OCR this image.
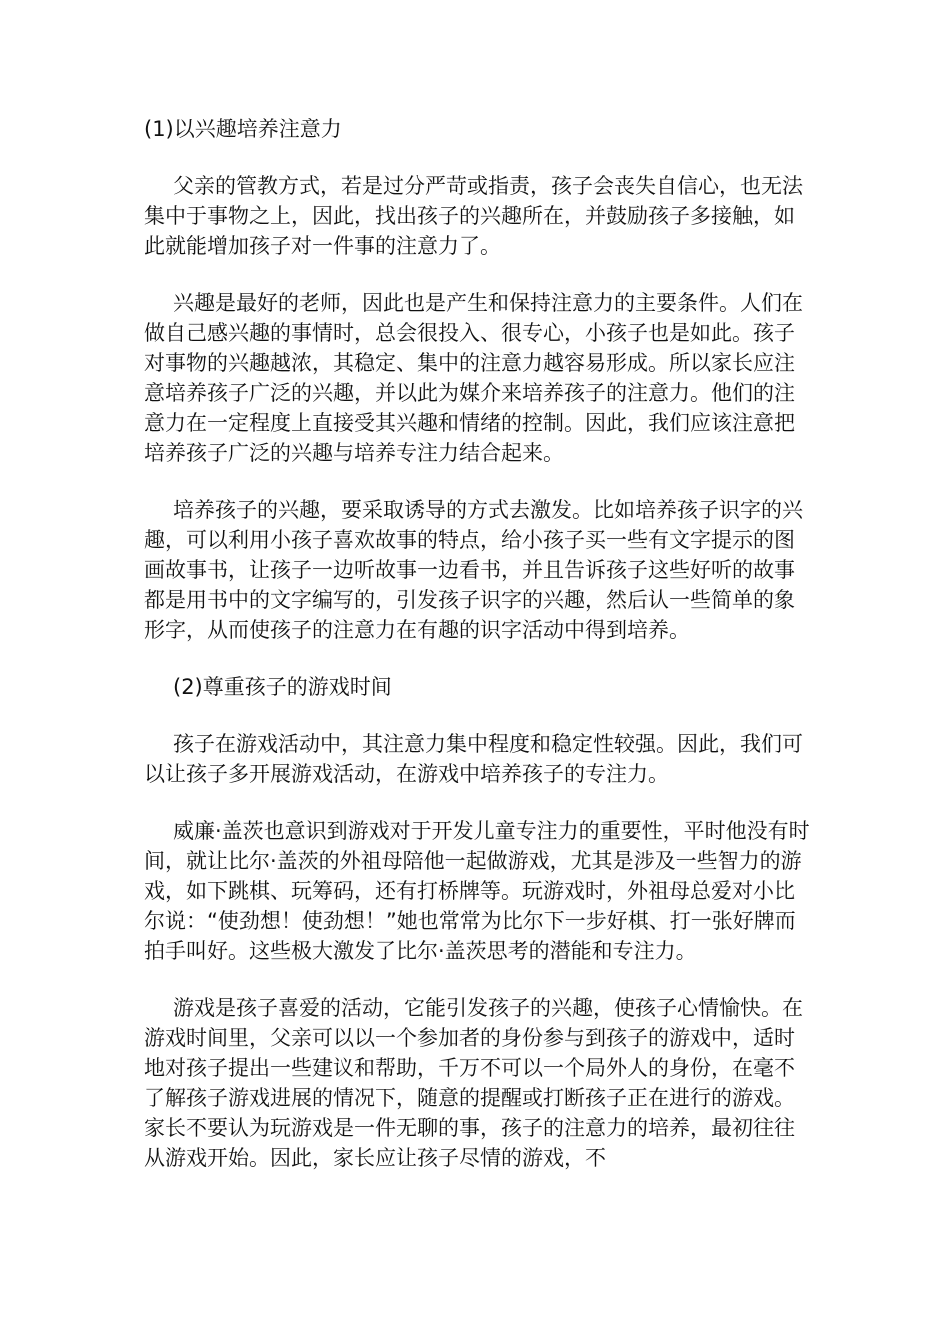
(1)以兴趣培养注意力

父亲的管教方式，若是过分严苛或指责，孩子会丧失自信心，也无法集中于事物之上，因此，找出孩子的兴趣所在，并鼓励孩子多接触，如此就能增加孩子对一件事的注意力了。

兴趣是最好的老师，因此也是产生和保持注意力的主要条件。人们在做自己感兴趣的事情时，总会很投入、很专心，小孩子也是如此。孩子对事物的兴趣越浓，其稳定、集中的注意力越容易形成。所以家长应注意培养孩子广泛的兴趣，并以此为媒介来培养孩子的注意力。他们的注意力在一定程度上直接受其兴趣和情绪的控制。因此，我们应该注意把培养孩子广泛的兴趣与培养专注力结合起来。

培养孩子的兴趣，要采取诱导的方式去激发。比如培养孩子识字的兴趣，可以利用小孩子喜欢故事的特点，给小孩子买一些有文字提示的图画故事书，让孩子一边听故事一边看书，并且告诉孩子这些好听的故事都是用书中的文字编写的，引发孩子识字的兴趣，然后认一些简单的象形字，从而使孩子的注意力在有趣的识字活动中得到培养。

(2)尊重孩子的游戏时间

孩子在游戏活动中，其注意力集中程度和稳定性较强。因此，我们可以让孩子多开展游戏活动，在游戏中培养孩子的专注力。

威廉·盖茨也意识到游戏对于开发儿童专注力的重要性，平时他没有时间，就让比尔·盖茨的外祖母陪他一起做游戏，尤其是涉及一些智力的游戏，如下跳棋、玩筹码，还有打桥牌等。玩游戏时，外祖母总爱对小比尔说：“使劲想！使劲想！”她也常常为比尔下一步好棋、打一张好牌而拍手叫好。这些极大激发了比尔·盖茨思考的潜能和专注力。

游戏是孩子喜爱的活动，它能引发孩子的兴趣，使孩子心情愉快。在游戏时间里，父亲可以以一个参加者的身份参与到孩子的游戏中，适时地对孩子提出一些建议和帮助，千万不可以一个局外人的身份，在毫不了解孩子游戏进展的情况下，随意的提醒或打断孩子正在进行的游戏。家长不要认为玩游戏是一件无聊的事，孩子的注意力的培养，最初往往从游戏开始。因此，家长应让孩子尽情的游戏，不
